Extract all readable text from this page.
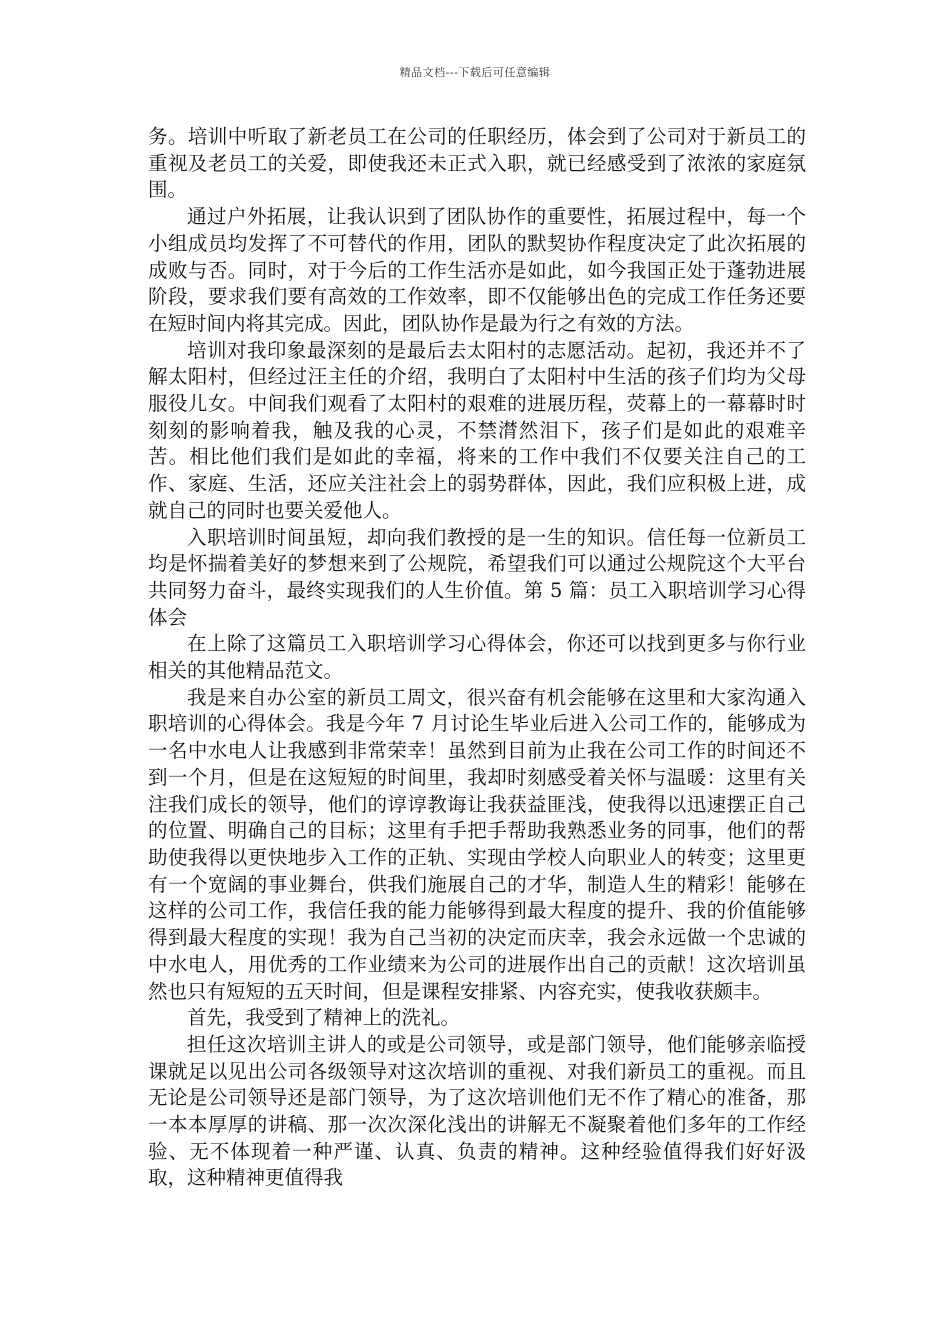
精品文档---下载后可任意编辑

务。培训中听取了新老员工在公司的任职经历，体会到了公司对于新员工的重视及老员工的关爱，即使我还未正式入职，就已经感受到了浓浓的家庭氛围。

通过户外拓展，让我认识到了团队协作的重要性，拓展过程中，每一个小组成员均发挥了不可替代的作用，团队的默契协作程度决定了此次拓展的成败与否。同时，对于今后的工作生活亦是如此，如今我国正处于蓬勃进展阶段，要求我们要有高效的工作效率，即不仅能够出色的完成工作任务还要在短时间内将其完成。因此，团队协作是最为行之有效的方法。

培训对我印象最深刻的是最后去太阳村的志愿活动。起初，我还并不了解太阳村，但经过汪主任的介绍，我明白了太阳村中生活的孩子们均为父母服役儿女。中间我们观看了太阳村的艰难的进展历程，荧幕上的一幕幕时时刻刻的影响着我，触及我的心灵，不禁潸然泪下，孩子们是如此的艰难辛苦。相比他们我们是如此的幸福，将来的工作中我们不仅要关注自己的工作、家庭、生活，还应关注社会上的弱势群体，因此，我们应积极上进，成就自己的同时也要关爱他人。

入职培训时间虽短，却向我们教授的是一生的知识。信任每一位新员工均是怀揣着美好的梦想来到了公规院，希望我们可以通过公规院这个大平台共同努力奋斗，最终实现我们的人生价值。第 5 篇：员工入职培训学习心得体会

在上除了这篇员工入职培训学习心得体会，你还可以找到更多与你行业相关的其他精品范文。

我是来自办公室的新员工周文，很兴奋有机会能够在这里和大家沟通入职培训的心得体会。我是今年 7 月讨论生毕业后进入公司工作的，能够成为一名中水电人让我感到非常荣幸！虽然到目前为止我在公司工作的时间还不到一个月，但是在这短短的时间里，我却时刻感受着关怀与温暖：这里有关注我们成长的领导，他们的谆谆教诲让我获益匪浅，使我得以迅速摆正自己的位置、明确自己的目标；这里有手把手帮助我熟悉业务的同事，他们的帮助使我得以更快地步入工作的正轨、实现由学校人向职业人的转变；这里更有一个宽阔的事业舞台，供我们施展自己的才华，制造人生的精彩！能够在这样的公司工作，我信任我的能力能够得到最大程度的提升、我的价值能够得到最大程度的实现！我为自己当初的决定而庆幸，我会永远做一个忠诚的中水电人，用优秀的工作业绩来为公司的进展作出自己的贡献！这次培训虽然也只有短短的五天时间，但是课程安排紧、内容充实，使我收获颇丰。

首先，我受到了精神上的洗礼。

担任这次培训主讲人的或是公司领导，或是部门领导，他们能够亲临授课就足以见出公司各级领导对这次培训的重视、对我们新员工的重视。而且无论是公司领导还是部门领导，为了这次培训他们无不作了精心的准备，那一本本厚厚的讲稿、那一次次深化浅出的讲解无不凝聚着他们多年的工作经验、无不体现着一种严谨、认真、负责的精神。这种经验值得我们好好汲取，这种精神更值得我
